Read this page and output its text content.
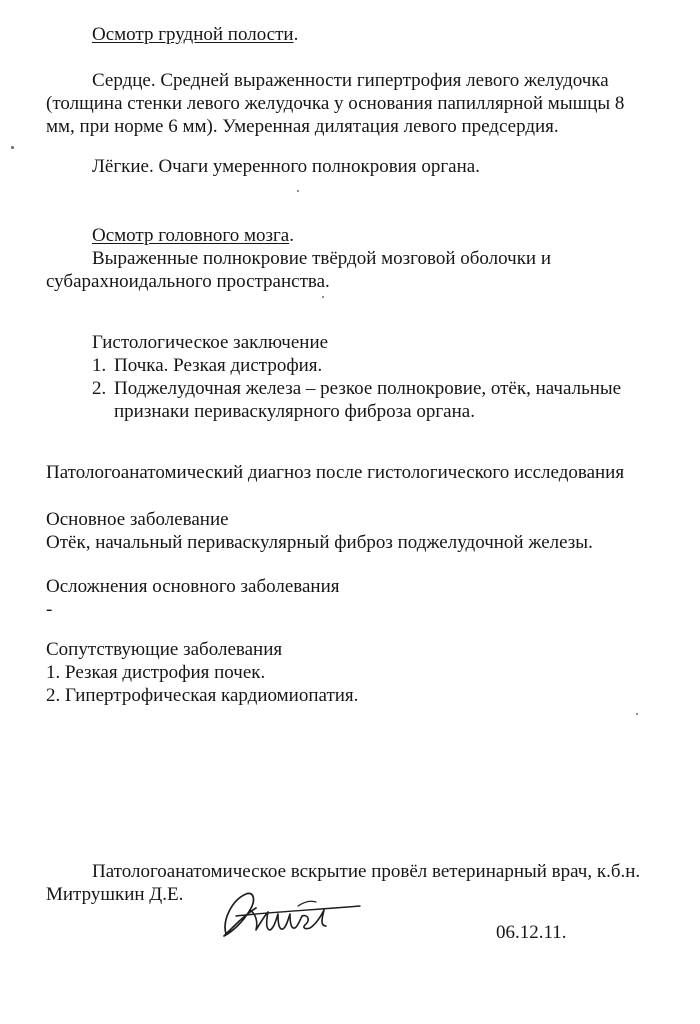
Осмотр грудной полости.

Сердце. Средней выраженности гипертрофия левого желудочка (толщина стенки левого желудочка у основания папиллярной мышцы 8 мм, при норме 6 мм). Умеренная дилятация левого предсердия.

Лёгкие. Очаги умеренного полнокровия органа.

Осмотр головного мозга.

Выраженные полнокровие твёрдой мозговой оболочки и субарахноидального пространства.

Гистологическое заключение

1. Почка. Резкая дистрофия.
2. Поджелудочная железа – резкое полнокровие, отёк, начальные признаки периваскулярного фиброза органа.

Патологоанатомический диагноз после гистологического исследования

Основное заболевание

Отёк, начальный периваскулярный фиброз поджелудочной железы.

Осложнения основного заболевания

-

Сопутствующие заболевания

1. Резкая дистрофия почек.

2. Гипертрофическая кардиомиопатия.

Патологоанатомическое вскрытие провёл ветеринарный врач, к.б.н. Митрушкин Д.Е.

06.12.11.
